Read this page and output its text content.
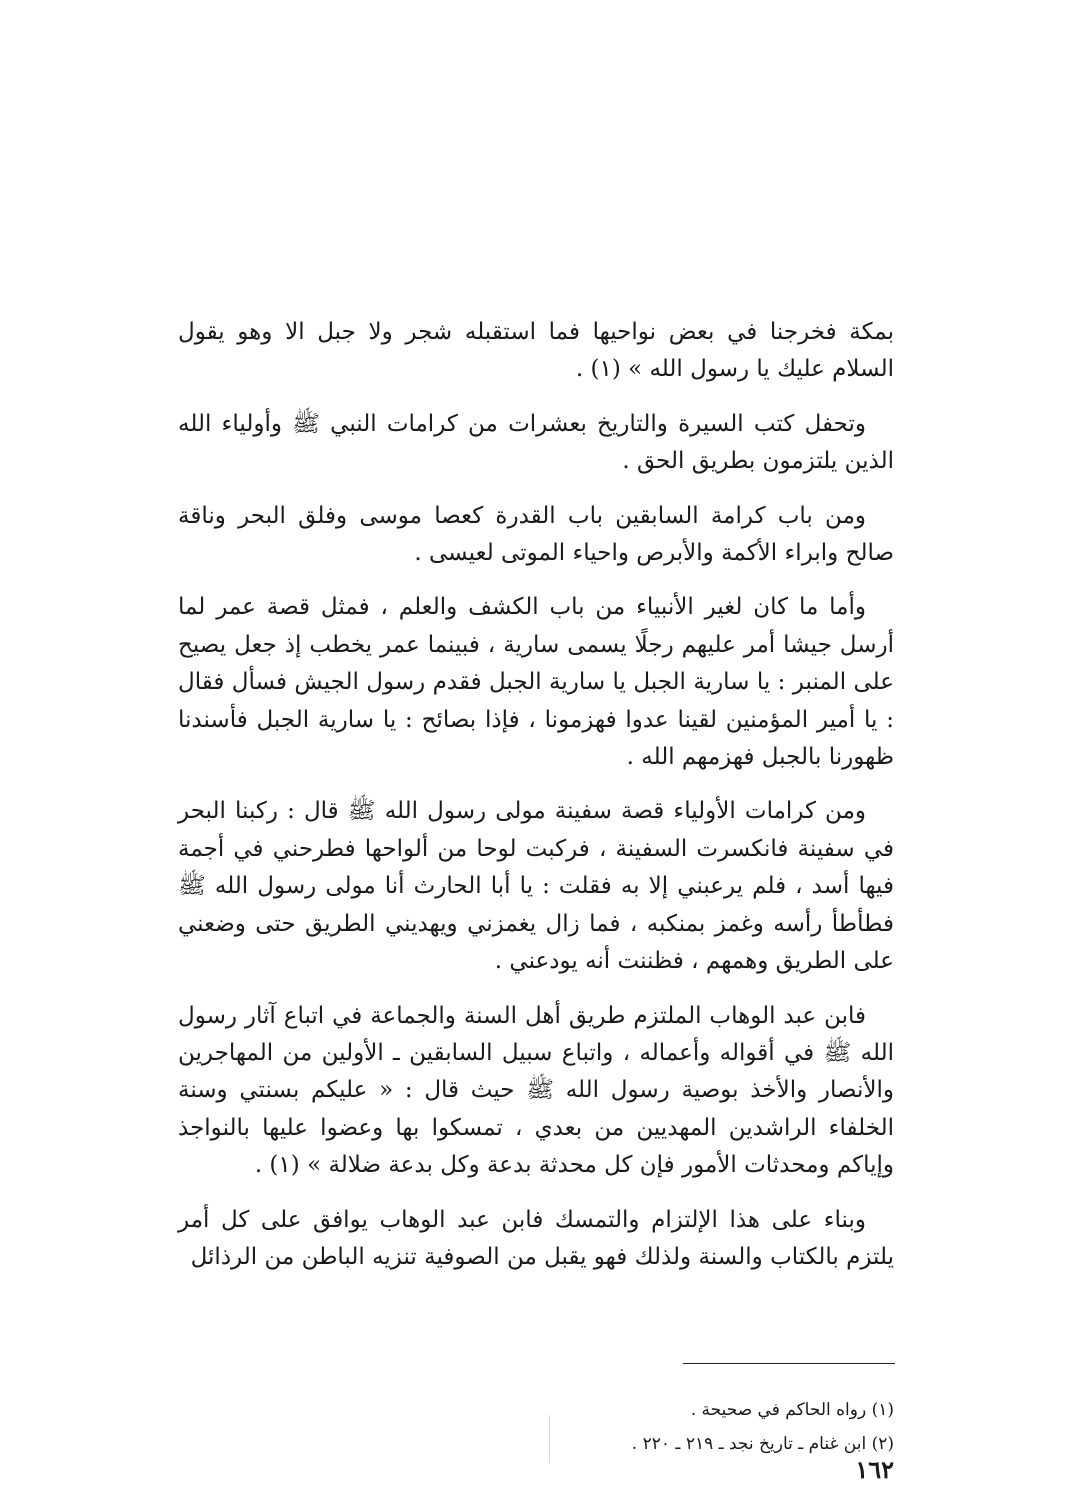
بمكة فخرجنا في بعض نواحيها فما استقبله شجر ولا جبل الا وهو يقول السلام عليك يا رسول الله » (١) .

وتحفل كتب السيرة والتاريخ بعشرات من كرامات النبي ﷺ وأولياء الله الذين يلتزمون بطريق الحق .

ومن باب كرامة السابقين باب القدرة كعصا موسى وفلق البحر وناقة صالح وابراء الأكمة والأبرص واحياء الموتى لعيسى .

وأما ما كان لغير الأنبياء من باب الكشف والعلم ، فمثل قصة عمر لما أرسل جيشا أمر عليهم رجلًا يسمى سارية ، فبينما عمر يخطب إذ جعل يصيح على المنبر : يا سارية الجبل يا سارية الجبل فقدم رسول الجيش فسأل فقال : يا أمير المؤمنين لقينا عدوا فهزمونا ، فإذا بصائح : يا سارية الجبل فأسندنا ظهورنا بالجبل فهزمهم الله .

ومن كرامات الأولياء قصة سفينة مولى رسول الله ﷺ قال : ركبنا البحر في سفينة فانكسرت السفينة ، فركبت لوحا من ألواحها فطرحني في أجمة فيها أسد ، فلم يرعبني إلا به فقلت : يا أبا الحارث أنا مولى رسول الله ﷺ فطأطأ رأسه وغمز بمنكبه ، فما زال يغمزني ويهديني الطريق حتى وضعني على الطريق وهمهم ، فظننت أنه يودعني .

فابن عبد الوهاب الملتزم طريق أهل السنة والجماعة في اتباع آثار رسول الله ﷺ في أقواله وأعماله ، واتباع سبيل السابقين ـ الأولين من المهاجرين والأنصار والأخذ بوصية رسول الله ﷺ حيث قال : « عليكم بسنتي وسنة الخلفاء الراشدين المهديين من بعدي ، تمسكوا بها وعضوا عليها بالنواجذ وإياكم ومحدثات الأمور فإن كل محدثة بدعة وكل بدعة ضلالة » (١) .

وبناء على هذا الإلتزام والتمسك فابن عبد الوهاب يوافق على كل أمر يلتزم بالكتاب والسنة ولذلك فهو يقبل من الصوفية تنزيه الباطن من الرذائل

(١) رواه الحاكم في صحيحة .

(٢) ابن غنام ـ تاريخ نجد ـ ٢١٩ ـ ٢٢٠ .

١٦٢
